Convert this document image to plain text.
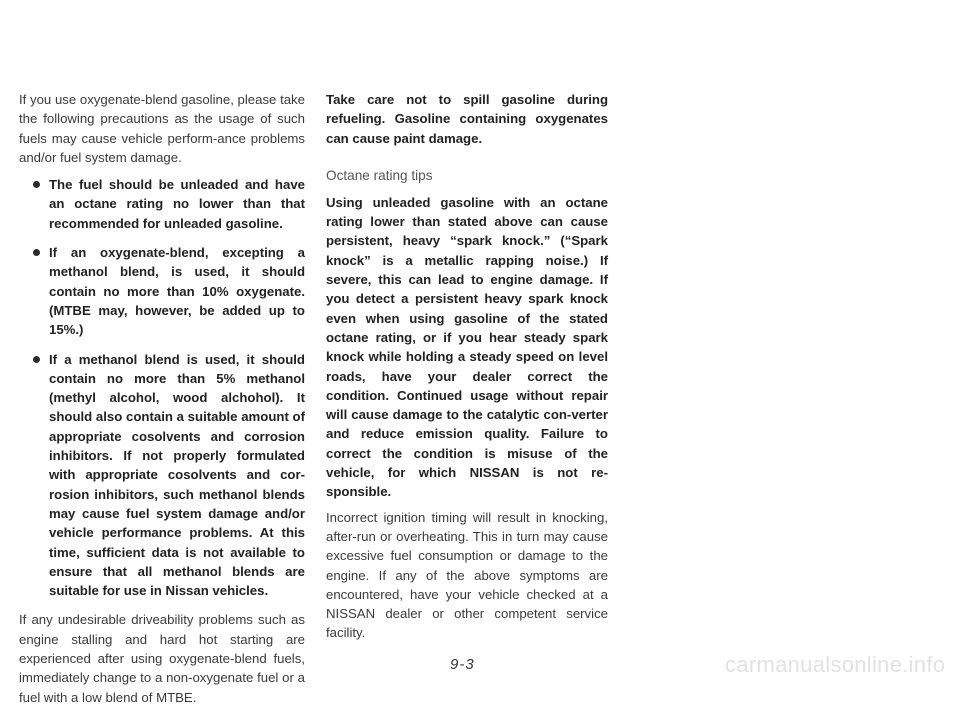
If you use oxygenate-blend gasoline, please take the following precautions as the usage of such fuels may cause vehicle perform-ance problems and/or fuel system damage.

The fuel should be unleaded and have an octane rating no lower than that recommended for unleaded gasoline.
If an oxygenate-blend, excepting a methanol blend, is used, it should contain no more than 10% oxygenate. (MTBE may, however, be added up to 15%.)
If a methanol blend is used, it should contain no more than 5% methanol (methyl alcohol, wood alchohol). It should also contain a suitable amount of appropriate cosolvents and corrosion inhibitors. If not properly formulated with appropriate cosolvents and cor-rosion inhibitors, such methanol blends may cause fuel system damage and/or vehicle performance problems. At this time, sufficient data is not available to ensure that all methanol blends are suitable for use in Nissan vehicles.

If any undesirable driveability problems such as engine stalling and hard hot starting are experienced after using oxygenate-blend fuels, immediately change to a non-oxygenate fuel or a fuel with a low blend of MTBE.

Take care not to spill gasoline during refueling. Gasoline containing oxygenates can cause paint damage.

Octane rating tips

Using unleaded gasoline with an octane rating lower than stated above can cause persistent, heavy “spark knock.” (“Spark knock” is a metallic rapping noise.) If severe, this can lead to engine damage. If you detect a persistent heavy spark knock even when using gasoline of the stated octane rating, or if you hear steady spark knock while holding a steady speed on level roads, have your dealer correct the condition. Continued usage without repair will cause damage to the catalytic con-verter and reduce emission quality. Failure to correct the condition is misuse of the vehicle, for which NISSAN is not re-sponsible.

Incorrect ignition timing will result in knocking, after-run or overheating. This in turn may cause excessive fuel consumption or damage to the engine. If any of the above symptoms are encountered, have your vehicle checked at a NISSAN dealer or other competent service facility.

9-3	carmanualsonline.info
